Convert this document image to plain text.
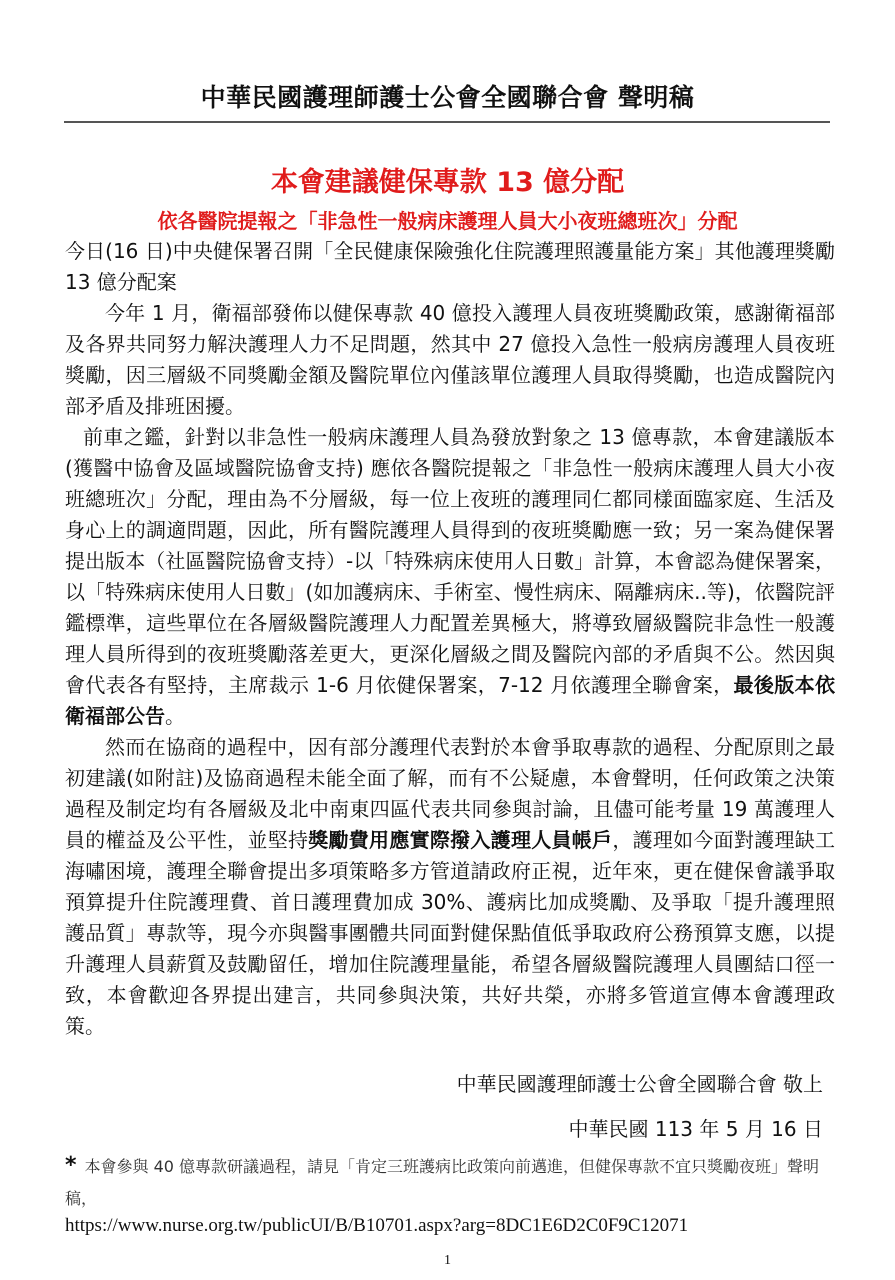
中華民國護理師護士公會全國聯合會 聲明稿
本會建議健保專款 13 億分配
依各醫院提報之「非急性一般病床護理人員大小夜班總班次」分配

今日(16 日)中央健保署召開「全民健康保險強化住院護理照護量能方案」其他護理獎勵 13 億分配案

今年 1 月，衛福部發佈以健保專款 40 億投入護理人員夜班獎勵政策，感謝衛福部及各界共同努力解決護理人力不足問題，然其中 27 億投入急性一般病房護理人員夜班獎勵，因三層級不同獎勵金額及醫院單位內僅該單位護理人員取得獎勵，也造成醫院內部矛盾及排班困擾。

前車之鑑，針對以非急性一般病床護理人員為發放對象之 13 億專款，本會建議版本(獲醫中協會及區域醫院協會支持) 應依各醫院提報之「非急性一般病床護理人員大小夜班總班次」分配，理由為不分層級，每一位上夜班的護理同仁都同樣面臨家庭、生活及身心上的調適問題，因此，所有醫院護理人員得到的夜班獎勵應一致；另一案為健保署提出版本（社區醫院協會支持）-以「特殊病床使用人日數」計算，本會認為健保署案，以「特殊病床使用人日數」(如加護病床、手術室、慢性病床、隔離病床..等)，依醫院評鑑標準，這些單位在各層級醫院護理人力配置差異極大，將導致層級醫院非急性一般護理人員所得到的夜班獎勵落差更大，更深化層級之間及醫院內部的矛盾與不公。然因與會代表各有堅持，主席裁示 1-6 月依健保署案，7-12 月依護理全聯會案，最後版本依衛福部公告。

然而在協商的過程中，因有部分護理代表對於本會爭取專款的過程、分配原則之最初建議(如附註)及協商過程未能全面了解，而有不公疑慮，本會聲明，任何政策之決策過程及制定均有各層級及北中南東四區代表共同參與討論，且儘可能考量 19 萬護理人員的權益及公平性，並堅持獎勵費用應實際撥入護理人員帳戶，護理如今面對護理缺工海嘯困境，護理全聯會提出多項策略多方管道請政府正視，近年來，更在健保會議爭取預算提升住院護理費、首日護理費加成 30%、護病比加成獎勵、及爭取「提升護理照護品質」專款等，現今亦與醫事團體共同面對健保點值低爭取政府公務預算支應，以提升護理人員薪質及鼓勵留任，增加住院護理量能，希望各層級醫院護理人員團結口徑一致，本會歡迎各界提出建言，共同參與決策，共好共榮，亦將多管道宣傳本會護理政策。

中華民國護理師護士公會全國聯合會 敬上
中華民國 113 年 5 月 16 日
* 本會參與 40 億專款研議過程，請見「肯定三班護病比政策向前邁進，但健保專款不宜只獎勵夜班」聲明稿，
https://www.nurse.org.tw/publicUI/B/B10701.aspx?arg=8DC1E6D2C0F9C12071
1
